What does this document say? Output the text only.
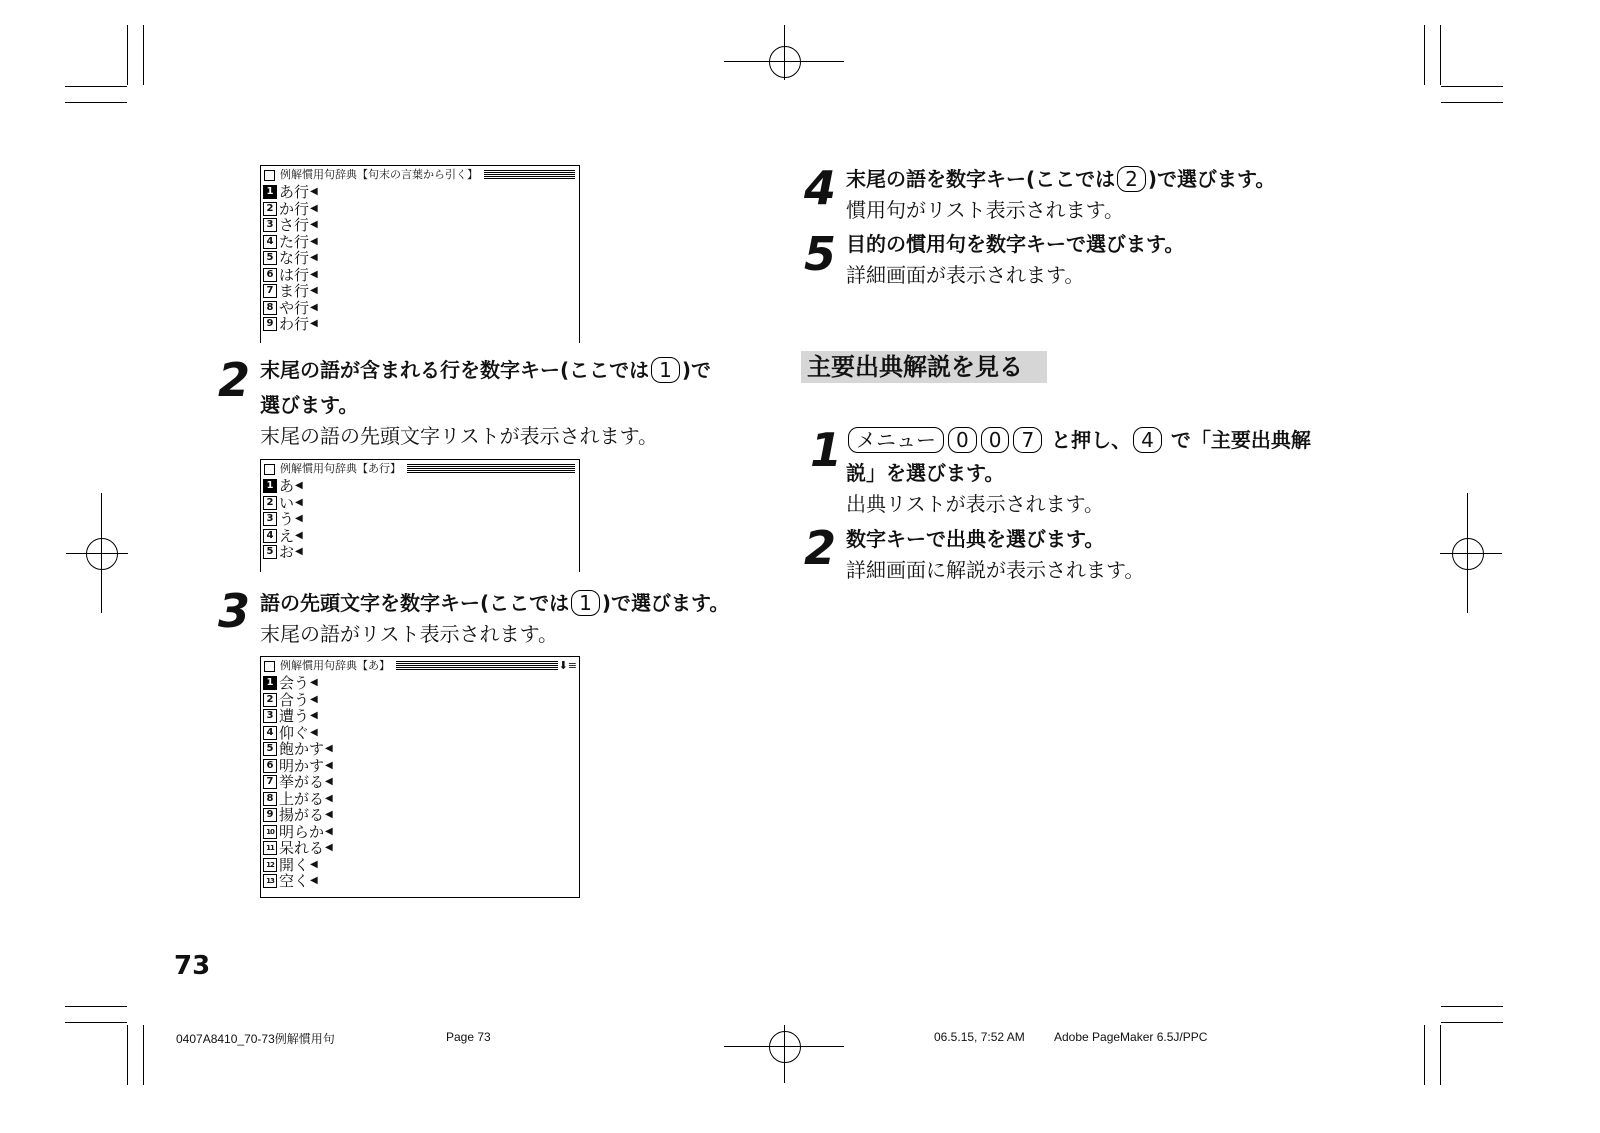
例解慣用句辞典【句末の言葉から引く】
1 あ行 ◀
2 か行 ◀
3 さ行 ◀
4 た行 ◀
5 な行 ◀
6 は行 ◀
7 ま行 ◀
8 や行 ◀
9 わ行 ◀
2 末尾の語が含まれる行を数字キー(ここでは 1 )で
選びます。
末尾の語の先頭文字リストが表示されます。
例解慣用句辞典【あ行】
1 あ ◀
2 い ◀
3 う ◀
4 え ◀
5 お ◀
3 語の先頭文字を数字キー(ここでは 1 )で選びます。
末尾の語がリスト表示されます。
例解慣用句辞典【あ】	⬇≡
1 会う ◀
2 合う ◀
3 遭う ◀
4 仰ぐ ◀
5 飽かす ◀
6 明かす ◀
7 挙がる ◀
8 上がる ◀
9 揚がる ◀
10 明らか ◀
11 呆れる ◀
12 開く ◀
13 空く ◀
4 末尾の語を数字キー(ここでは 2 )で選びます。
慣用句がリスト表示されます。
5 目的の慣用句を数字キーで選びます。
詳細画面が表示されます。
主要出典解説を見る
1 メニュー 0 0 7 と押し、 4 で「主要出典解
説」を選びます。
出典リストが表示されます。
2 数字キーで出典を選びます。
詳細画面に解説が表示されます。
73
0407A8410_70-73例解慣用句	Page 73	06.5.15, 7:52 AM Adobe PageMaker 6.5J/PPC
